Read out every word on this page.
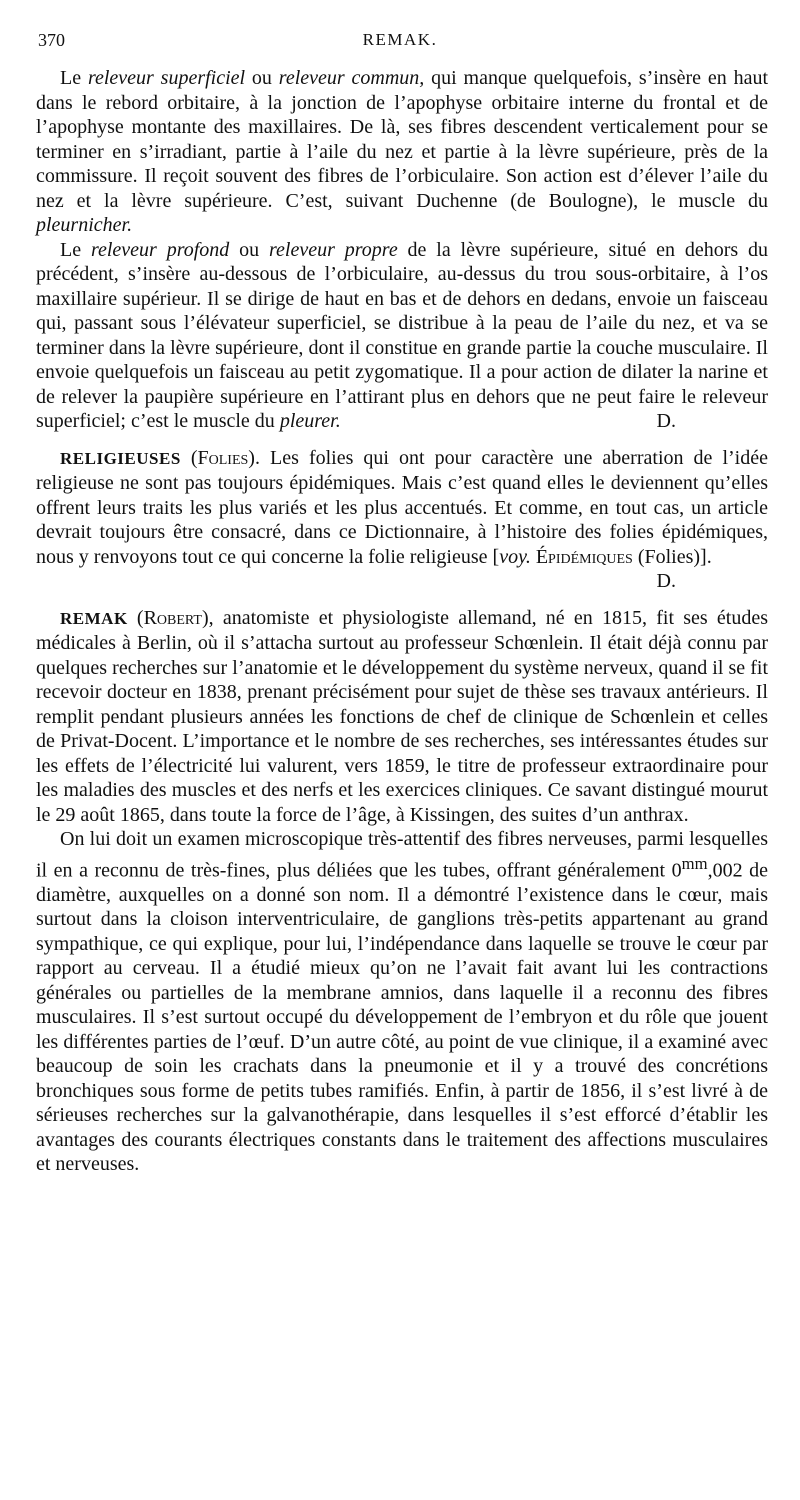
370	REMAK.

Le releveur superficiel ou releveur commun, qui manque quelquefois, s’insère en haut dans le rebord orbitaire, à la jonction de l’apophyse orbitaire interne du frontal et de l’apophyse montante des maxillaires. De là, ses fibres descendent verticalement pour se terminer en s’irradiant, partie à l’aile du nez et partie à la lèvre supérieure, près de la commissure. Il reçoit souvent des fibres de l’orbiculaire. Son action est d’élever l’aile du nez et la lèvre supérieure. C’est, suivant Duchenne (de Boulogne), le muscle du pleurnicher.

Le releveur profond ou releveur propre de la lèvre supérieure, situé en dehors du précédent, s’insère au-dessous de l’orbiculaire, au-dessus du trou sous-orbitaire, à l’os maxillaire supérieur. Il se dirige de haut en bas et de dehors en dedans, envoie un faisceau qui, passant sous l’élévateur superficiel, se distribue à la peau de l’aile du nez, et va se terminer dans la lèvre supérieure, dont il constitue en grande partie la couche musculaire. Il envoie quelquefois un faisceau au petit zygomatique. Il a pour action de dilater la narine et de relever la paupière supérieure en l’attirant plus en dehors que ne peut faire le releveur superficiel; c’est le muscle du pleurer.	D.

RELIGIEUSES (Folies). Les folies qui ont pour caractère une aberration de l’idée religieuse ne sont pas toujours épidémiques. Mais c’est quand elles le deviennent qu’elles offrent leurs traits les plus variés et les plus accentués. Et comme, en tout cas, un article devrait toujours être consacré, dans ce Dictionnaire, à l’histoire des folies épidémiques, nous y renvoyons tout ce qui concerne la folie religieuse [voy. Épidémiques (Folies)].
D.

REMAK (Robert), anatomiste et physiologiste allemand, né en 1815, fit ses études médicales à Berlin, où il s’attacha surtout au professeur Schœnlein. Il était déjà connu par quelques recherches sur l’anatomie et le développement du système nerveux, quand il se fit recevoir docteur en 1838, prenant précisément pour sujet de thèse ses travaux antérieurs. Il remplit pendant plusieurs années les fonctions de chef de clinique de Schœnlein et celles de Privat-Docent. L’importance et le nombre de ses recherches, ses intéressantes études sur les effets de l’électricité lui valurent, vers 1859, le titre de professeur extraordinaire pour les maladies des muscles et des nerfs et les exercices cliniques. Ce savant distingué mourut le 29 août 1865, dans toute la force de l’âge, à Kissingen, des suites d’un anthrax.

On lui doit un examen microscopique très-attentif des fibres nerveuses, parmi lesquelles il en a reconnu de très-fines, plus déliées que les tubes, offrant généralement $0^{mm},002$ de diamètre, auxquelles on a donné son nom. Il a démontré l’existence dans le cœur, mais surtout dans la cloison interventriculaire, de ganglions très-petits appartenant au grand sympathique, ce qui explique, pour lui, l’indépendance dans laquelle se trouve le cœur par rapport au cerveau. Il a étudié mieux qu’on ne l’avait fait avant lui les contractions générales ou partielles de la membrane amnios, dans laquelle il a reconnu des fibres musculaires. Il s’est surtout occupé du développement de l’embryon et du rôle que jouent les différentes parties de l’œuf. D’un autre côté, au point de vue clinique, il a examiné avec beaucoup de soin les crachats dans la pneumonie et il y a trouvé des concrétions bronchiques sous forme de petits tubes ramifiés. Enfin, à partir de 1856, il s’est livré à de sérieuses recherches sur la galvanothérapie, dans lesquelles il s’est efforcé d’établir les avantages des courants électriques constants dans le traitement des affections musculaires et nerveuses.
